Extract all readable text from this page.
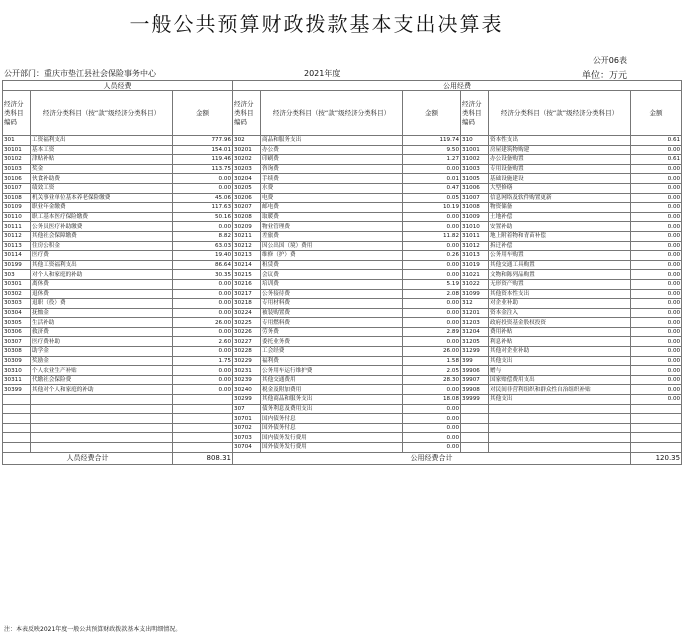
一般公共预算财政拨款基本支出决算表
公开06表
公开部门：重庆市垫江县社会保险事务中心	2021年度	单位：万元
人员经费			公用经费					
经济分类科目编码	经济分类科目（按“款”级经济分类科目）	金额	经济分类科目编码	经济分类科目（按“款”级经济分类科目）	金额	经济分类科目编码	经济分类科目（按“款”级经济分类科目）	金额
301	工资福利支出	777.96	302	商品和服务支出	119.74	310	资本性支出	0.61
30101	基本工资	154.01	30201	办公费	9.50	31001	房屋建筑物购建	0.00
30102	津贴补贴	119.46	30202	印刷费	1.27	31002	办公设备购置	0.61
30103	奖金	113.75	30203	咨询费	0.00	31003	专用设备购置	0.00
30106	伙食补助费	0.00	30204	手续费	0.01	31005	基础设施建设	0.00
30107	绩效工资	0.00	30205	水费	0.47	31006	大型修缮	0.00
30108	机关事业单位基本养老保险缴费	45.06	30206	电费	0.05	31007	信息网络及软件购置更新	0.00
30109	职业年金缴费	117.63	30207	邮电费	10.19	31008	物资储备	0.00
30110	职工基本医疗保险缴费	50.16	30208	取暖费	0.00	31009	土地补偿	0.00
30111	公务员医疗补助缴费	0.00	30209	物业管理费	0.00	31010	安置补助	0.00
30112	其他社会保障缴费	8.82	30211	差旅费	11.82	31011	地上附着物和青苗补偿	0.00
30113	住房公积金	63.03	30212	因公出国（境）费用	0.00	31012	拆迁补偿	0.00
30114	医疗费	19.40	30213	维修（护）费	0.26	31013	公务用车购置	0.00
30199	其他工资福利支出	86.64	30214	租赁费	0.00	31019	其他交通工具购置	0.00
303	对个人和家庭的补助	30.35	30215	会议费	0.00	31021	文物和陈列品购置	0.00
30301	离休费	0.00	30216	培训费	5.19	31022	无形资产购置	0.00
30302	退休费	0.00	30217	公务接待费	2.08	31099	其他资本性支出	0.00
30303	退职（役）费	0.00	30218	专用材料费	0.00	312	对企业补助	0.00
30304	抚恤金	0.00	30224	被装购置费	0.00	31201	资本金注入	0.00
30305	生活补助	26.00	30225	专用燃料费	0.00	31203	政府投资基金股权投资	0.00
30306	救济费	0.00	30226	劳务费	2.89	31204	费用补贴	0.00
30307	医疗费补助	2.60	30227	委托业务费	0.00	31205	利息补贴	0.00
30308	助学金	0.00	30228	工会经费	26.00	31299	其他对企业补助	0.00
30309	奖励金	1.75	30229	福利费	1.58	399	其他支出	0.00
30310	个人农业生产补贴	0.00	30231	公务用车运行维护费	2.05	39906	赠与	0.00
30311	代缴社会保险费	0.00	30239	其他交通费用	28.30	39907	国家赔偿费用支出	0.00
30399	其他对个人和家庭的补助	0.00	30240	税金及附加费用	0.00	39908	对民间非营利组织和群众性自治组织补贴	0.00
			30299	其他商品和服务支出	18.08	39999	其他支出	0.00
			307	债务利息及费用支出	0.00			
			30701	国内债务付息	0.00			
			30702	国外债务付息	0.00			
			30703	国内债务发行费用	0.00			
			30704	国外债务发行费用	0.00			
人员经费合计		808.31	公用经费合计					120.35
注：本表反映2021年度一般公共预算财政拨款基本支出明细情况。
